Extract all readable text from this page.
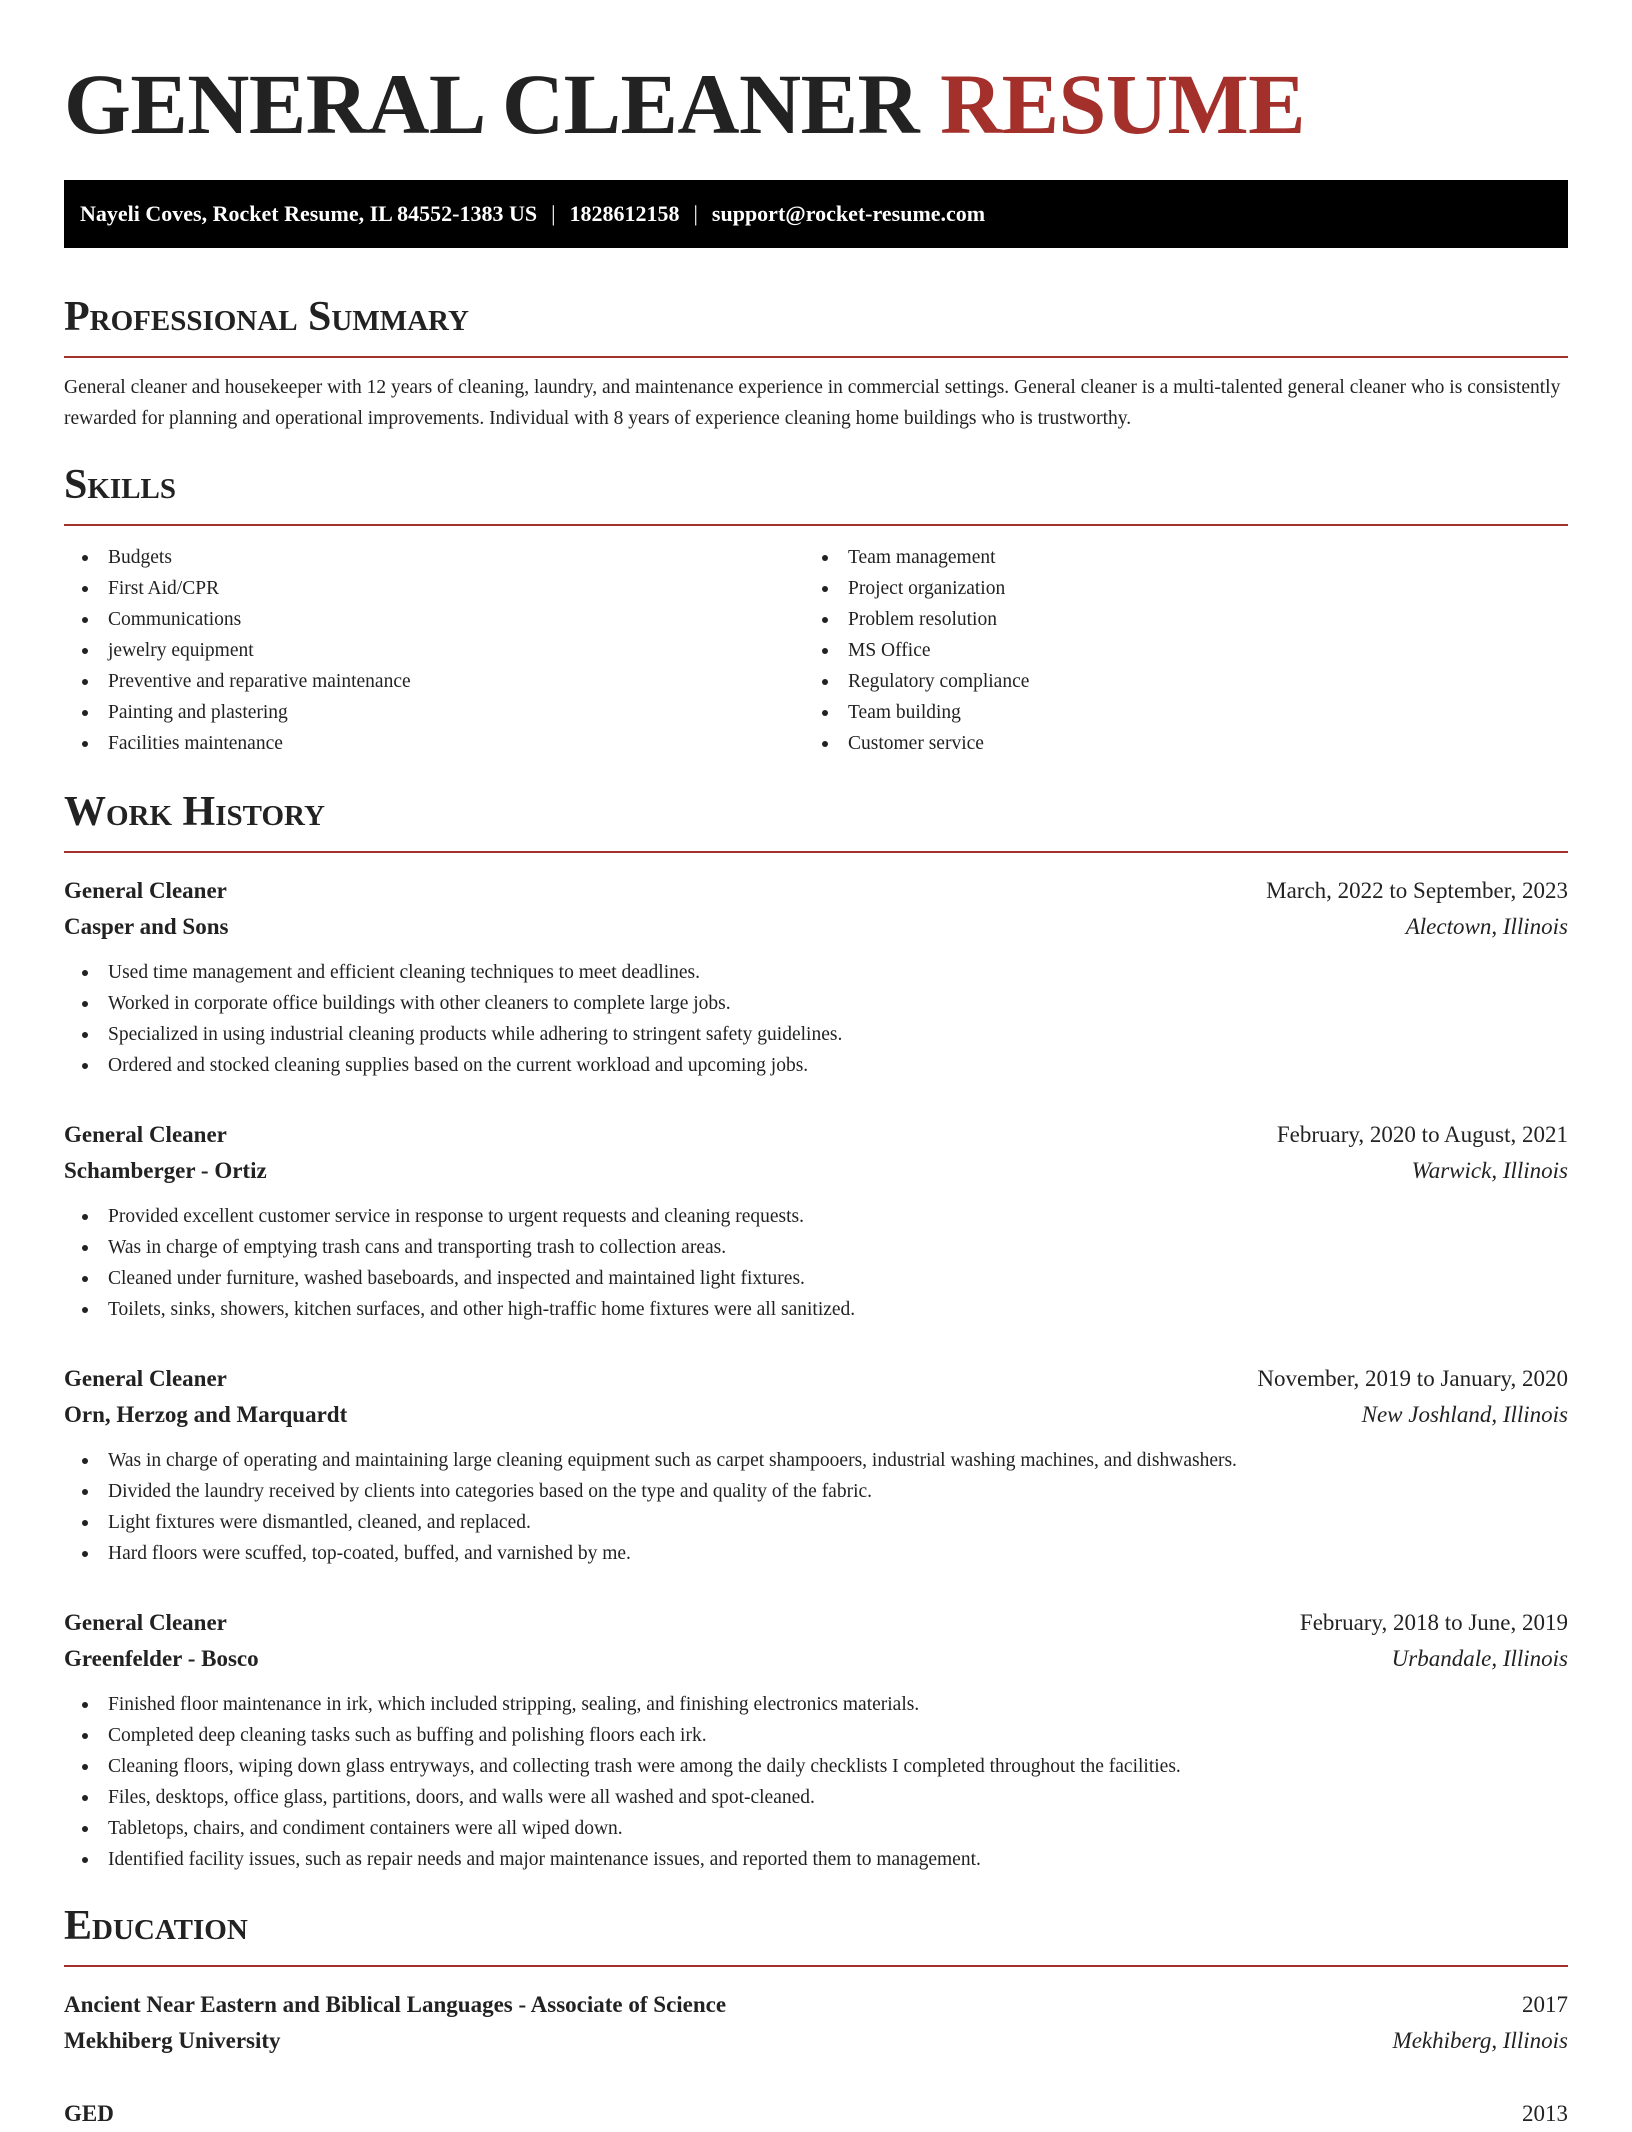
GENERAL CLEANER RESUME
Nayeli Coves, Rocket Resume, IL 84552-1383 US | 1828612158 | support@rocket-resume.com
Professional Summary

General cleaner and housekeeper with 12 years of cleaning, laundry, and maintenance experience in commercial settings. General cleaner is a multi-talented general cleaner who is consistently rewarded for planning and operational improvements. Individual with 8 years of experience cleaning home buildings who is trustworthy.

Skills
Budgets
First Aid/CPR
Communications
jewelry equipment
Preventive and reparative maintenance
Painting and plastering
Facilities maintenance
Team management
Project organization
Problem resolution
MS Office
Regulatory compliance
Team building
Customer service
Work History
General Cleaner	March, 2022 to September, 2023
Casper and Sons	Alectown, Illinois
Used time management and efficient cleaning techniques to meet deadlines.
Worked in corporate office buildings with other cleaners to complete large jobs.
Specialized in using industrial cleaning products while adhering to stringent safety guidelines.
Ordered and stocked cleaning supplies based on the current workload and upcoming jobs.
General Cleaner	February, 2020 to August, 2021
Schamberger - Ortiz	Warwick, Illinois
Provided excellent customer service in response to urgent requests and cleaning requests.
Was in charge of emptying trash cans and transporting trash to collection areas.
Cleaned under furniture, washed baseboards, and inspected and maintained light fixtures.
Toilets, sinks, showers, kitchen surfaces, and other high-traffic home fixtures were all sanitized.
General Cleaner	November, 2019 to January, 2020
Orn, Herzog and Marquardt	New Joshland, Illinois
Was in charge of operating and maintaining large cleaning equipment such as carpet shampooers, industrial washing machines, and dishwashers.
Divided the laundry received by clients into categories based on the type and quality of the fabric.
Light fixtures were dismantled, cleaned, and replaced.
Hard floors were scuffed, top-coated, buffed, and varnished by me.
General Cleaner	February, 2018 to June, 2019
Greenfelder - Bosco	Urbandale, Illinois
Finished floor maintenance in irk, which included stripping, sealing, and finishing electronics materials.
Completed deep cleaning tasks such as buffing and polishing floors each irk.
Cleaning floors, wiping down glass entryways, and collecting trash were among the daily checklists I completed throughout the facilities.
Files, desktops, office glass, partitions, doors, and walls were all washed and spot-cleaned.
Tabletops, chairs, and condiment containers were all wiped down.
Identified facility issues, such as repair needs and major maintenance issues, and reported them to management.
Education
Ancient Near Eastern and Biblical Languages - Associate of Science	2017
Mekhiberg University	Mekhiberg, Illinois
GED	2013
